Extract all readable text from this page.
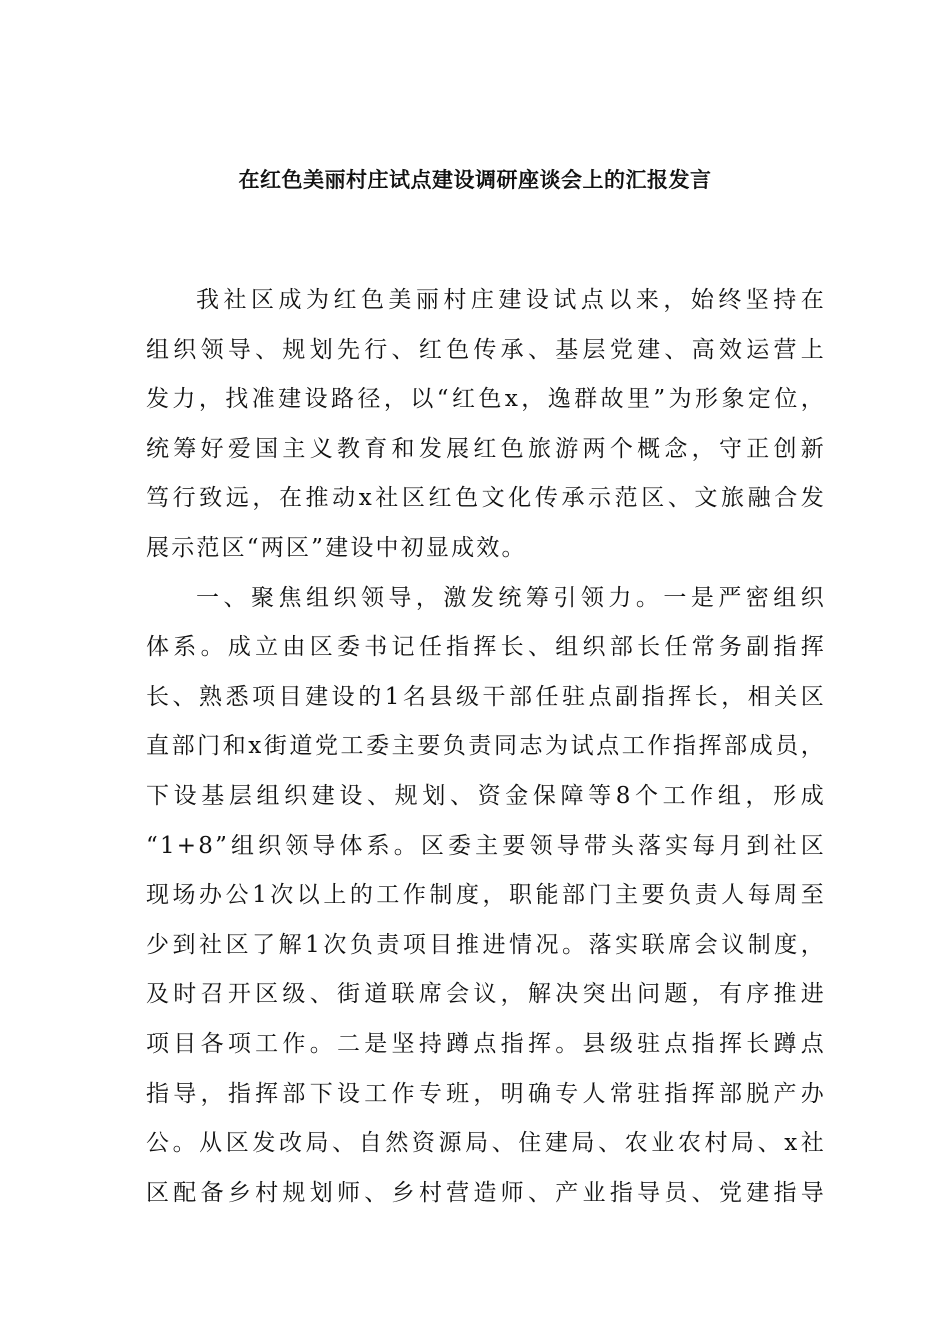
在红色美丽村庄试点建设调研座谈会上的汇报发言
我社区成为红色美丽村庄建设试点以来，始终坚持在
组织领导、规划先行、红色传承、基层党建、高效运营上
发力，找准建设路径，以“红色x，逸群故里”为形象定位，
统筹好爱国主义教育和发展红色旅游两个概念，守正创新
笃行致远，在推动x社区红色文化传承示范区、文旅融合发
展示范区“两区”建设中初显成效。
一、聚焦组织领导，激发统筹引领力。一是严密组织
体系。成立由区委书记任指挥长、组织部长任常务副指挥
长、熟悉项目建设的1名县级干部任驻点副指挥长，相关区
直部门和x街道党工委主要负责同志为试点工作指挥部成员，
下设基层组织建设、规划、资金保障等8个工作组，形成
“1+8”组织领导体系。区委主要领导带头落实每月到社区
现场办公1次以上的工作制度，职能部门主要负责人每周至
少到社区了解1次负责项目推进情况。落实联席会议制度，
及时召开区级、街道联席会议，解决突出问题，有序推进
项目各项工作。二是坚持蹲点指挥。县级驻点指挥长蹲点
指导，指挥部下设工作专班，明确专人常驻指挥部脱产办
公。从区发改局、自然资源局、住建局、农业农村局、x社
区配备乡村规划师、乡村营造师、产业指导员、党建指导
